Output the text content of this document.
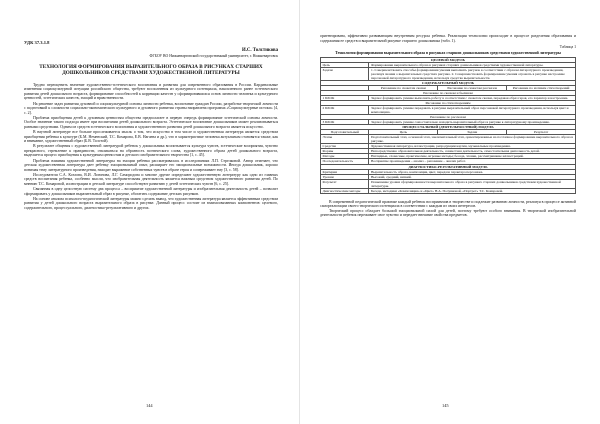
УДК 37.3.1.8

И.С. Толстикова

ФГБОУ ВО Нижневартовский государственный университет, г. Нижневартовск

ТЕХНОЛОГИЯ ФОРМИРОВАНИЯ ВЫРАЗИТЕЛЬНОГО ОБРАЗА В РИСУНКАХ СТАРШИХ ДОШКОЛЬНИКОВ СРЕДСТВАМИ ХУДОЖЕСТВЕННОЙ ЛИТЕРАТУРЫ

Трудно переоценить значение художественно-эстетического воспитания и развития для современного образования в России. Кардинальные изменения социокультурной ситуации российского общества, требуют восполнения из культурного потенциала, накопленного ранее эстетического развития детей дошкольного возраста, формирование способностей к коррекции качеств у сформировавшихся основ личности человека и культурного ценностей, эстетических качеств, эмоций и нравственности.

На решение задач развития духовной и социокультурной основы личности ребенка, воспитание граждан России, разработке творческой личности с подготовкой к сложности социально-экономического культурного и духовного развития страны направлена программа «Социокультурные истоки» [4, с. 2].

Проблема приобщения детей к духовным ценностям общества предполагает в первую очередь формирование эстетической основы личности. Особое значение такого подхода имеет при воспитании детей дошкольного возраста. Эстетическое воспитание дошкольников может реализовываться разными средствами. Одним из средств эстетического воспитания и художественного развития детей дошкольного возраста является искусство.

В научной литературе все больше прослеживается мысль о том, что искусство в том числе и художественная литература является средством приобщения ребенка к культуре (Б.М. Неменский, Т.С. Комарова, Е.В. Нагаева и др.), что в характеристике человека актуальным становятся также, как и внимание, художественный образ (Б.В. Толстой).

В результате общения с художественной литературой ребенок у дошкольника воспитывается культура чувств, эстетические восприятия, чувство прекрасного, стремление к правдивости, откликаться на образность поэтического слова, художественного образа детей дошкольного возраста, выделяется процесс приобщения к культурным ценностям и детского изобразительного творчества [1, с. 45].

Проблема влияния художественной литературы на эмоции ребенка рассматривалась в исследованиях Л.П. Стрелковой. Автор отмечает, что детская художественная литература дает ребенку эмоциональный опыт, расширяет его эмоциональные возможности. Иногда дошкольник, хорошо понимая тему литературного произведения, находит выражение собственных чувств в образе героя и сопереживает ему [3, с. 58].

Исследователи С.А. Козлова, В.И. Логинова, Л.Г. Самородова и многие другие определяют художественную литературу как одно из главных средств воспитания ребенка, особенно мысли, что изобразительная деятельность является важным средством художественного развития детей. По мнению Т.С. Комаровой, иллюстрации в детской литературе способствуют развитию у детей эстетических чувств [6, с. 25].

Связанная в одну целостную систему два процесса – восприятие художественной литературы и изобразительная деятельность детей – позволит сформировать у дошкольников выразительный образ в рисунке, обогатить содержание детских рисунков.

На основе анализа психолого-педагогической литературы можно сделать вывод, что художественная литература является эффективным средством развития у детей дошкольного возраста выразительного образа в рисунке. Данный процесс состоит из взаимосвязанных компонентов: целевого, содержательного, процессуального, диагностико-результативного и других.

144

ориентирована, эффективно развивающим внутренним ресурсы ребенка. Реализация технологии происходит в процессе разделения образования и содержания ее средств и выразительной рисунке старшего дошкольника (табл. 1).

Таблица 1

Технология формирования выразительного образа в рисунках старших дошкольников средствами художественной литературы

ЦЕЛЕВОЙ МОДУЛЬ			
Цель	Формирование выразительного образа в рисунках старших дошкольников средствами художественной литературы.		
Задачи	1. Совершенствовать способы формирования умения выполнять рисунок в соответствии с образом литературного произведения, реализуя знания о выразительных средствах рисунка. 2. Совершенствовать формирование умения отражать в рисунке настроение персонажей литературного произведения, используя средства выразительности.		
СОДЕРЖАТЕЛЬНЫЙ МОДУЛЬ			
	Рисование по сюжетам сказки	Рисование по сюжетам рассказов	Рисование по мотивам стихотворений
Рисование по сказкам и былинам			
1 БЛОК	Задача: формировать умение выполнять работу в соответствии с сюжетом сказки, передавая образ героя, его характер и настроение.		
Рисование по стихотворениям			
2 БЛОК	Задача: формировать умение передавать в рисунке выразительный образ персонажей литературного произведения, используя цвет и композицию.		
Рисование по рассказам			
3 БЛОК	Задача: формировать умение самостоятельно находить выразительный образ в рисунке к литературному произведению.		
ПРОЦЕССУАЛЬНЫЙ (ДЕЯТЕЛЬНОСТНЫЙ) МОДУЛЬ			
Подготовительный	Цель	Задачи	Результат
Этапы	Подготовительный этап, основной этап, заключительный этап, ориентированные на поэтапное формирование выразительного образа в рисунке.		
Средства	Художественная литература, иллюстрации, репродукции картин, музыкальные произведения.		
Формы	Непосредственно образовательная деятельность, совместная деятельность, самостоятельная деятельность детей.		
Методы	Наглядные, словесные, практические, игровые методы; беседа, чтение, рассматривание иллюстраций.		
Последовательность	Восприятие произведения – анализ – рисование – анализ работ.		
ДИАГНОСТИКО-РЕЗУЛЬТАТИВНЫЙ МОДУЛЬ			
Критерии	Выразительность образа, композиция, цвет, передача характера персонажа.		
Уровни	Высокий, средний, низкий.		
Результат	Повышение уровня сформированности выразительного образа в рисунках старших дошкольников средствами художественной литературы.		
Диагностические методы	Беседа, методики «Композиция» и «Цвет» Н.А. Полуяновой, «Портрет» Т.С. Комаровой.		

В современной педагогической практике каждый ребенок восприимчив в творчестве и подлежит развитию личности, реализуя в процессе активной самореализации своего творческого потенциала в соответствии с каждым из своих интересов.

Творческий процесс обладает большой эмоциональной силой для детей, поэтому требуют особого внимания. В творческой изобразительной деятельности ребенок переживает свое чувство и передает внешние свойства предметов.

145
